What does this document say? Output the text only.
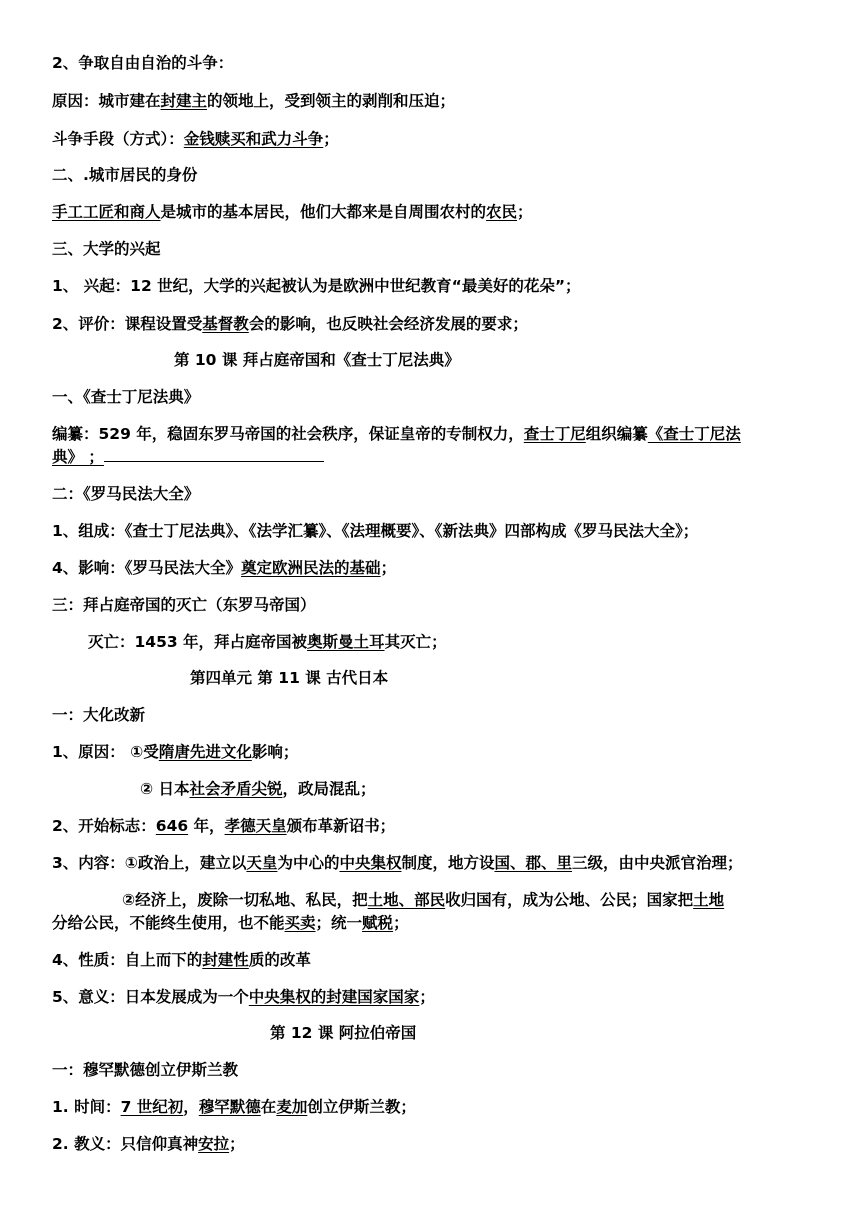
2、争取自由自治的斗争：
原因：城市建在封建主的领地上，受到领主的剥削和压迫；
斗争手段（方式）：金钱赎买和武力斗争；
二、.城市居民的身份
手工工匠和商人是城市的基本居民，他们大都来是自周围农村的农民；
三、大学的兴起
1、 兴起：12 世纪，大学的兴起被认为是欧洲中世纪教育“最美好的花朵”；
2、评价：课程设置受基督教会的影响，也反映社会经济发展的要求；
第 10 课 拜占庭帝国和《查士丁尼法典》
一、《查士丁尼法典》
编纂：529 年，稳固东罗马帝国的社会秩序，保证皇帝的专制权力，查士丁尼组织编纂《查士丁尼法
典》 ；
二：《罗马民法大全》
1、组成：《查士丁尼法典》、《法学汇纂》、《法理概要》、《新法典》四部构成《罗马民法大全》；
4、影响：《罗马民法大全》奠定欧洲民法的基础；
三：拜占庭帝国的灭亡（东罗马帝国）
灭亡：1453 年，拜占庭帝国被奥斯曼土耳其灭亡；
第四单元 第 11 课 古代日本
一：大化改新
1、原因： ①受隋唐先进文化影响；
② 日本社会矛盾尖锐，政局混乱；
2、开始标志：646 年，孝德天皇颁布革新诏书；
3、内容：①政治上，建立以天皇为中心的中央集权制度，地方设国、郡、里三级，由中央派官治理；
②经济上，废除一切私地、私民，把土地、部民收归国有，成为公地、公民；国家把土地
分给公民，不能终生使用，也不能买卖；统一赋税；
4、性质：自上而下的封建性质的改革
5、意义：日本发展成为一个中央集权的封建国家国家；
第 12 课 阿拉伯帝国
一：穆罕默德创立伊斯兰教
1. 时间：7 世纪初，穆罕默德在麦加创立伊斯兰教；
2. 教义：只信仰真神安拉；
